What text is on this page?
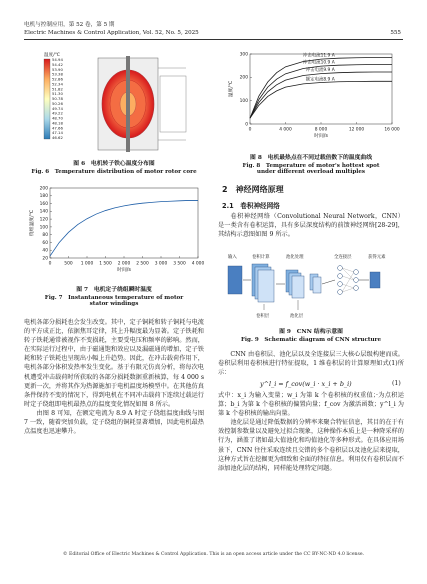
电机与控制应用，第 52 卷，第 5 期
Electric Machines & Control Application, Vol. 52, No. 5, 2025	555
温度/℃
54.94
54.42
53.90
53.38
52.86
52.34
51.82
51.30
50.78
50.26
49.74
49.22
48.70
48.18
47.66
47.14
46.62
图 6　电机转子铁心温度分布图
Fig. 6　Temperature distribution of motor rotor core
20
40
60
80
100
120
140
160
180
200
0	500 1 000 1 500 2 000 2 500 3 000 3 500 4 000
时间/s
绕组温度/℃
图 7　电机定子绕组瞬时温度
Fig. 7　Instantaneous temperature of motor
stator windings

电机各部分损耗也会发生改变。其中，定子铜耗和转子铜耗与电流的平方成正比，依据焦耳定律，其上升幅度最为显著。定子铁耗和转子铁耗通常被视作不变损耗，主要受电压和频率的影响。然而，在实际运行过程中，由于磁通饱和效应以及漏磁通的增加，定子铁耗和转子铁耗也呈现出小幅上升趋势。因此，在冲击载荷作用下，电机各部分体积发热率发生变化。基于有限元仿真分析，将每次电机遭受冲击载荷时所获取的各部分损耗数据重新核算，每 4 000 s 更新一次，并将其作为热源施加于电机温度场模型中。在其他仿真条件保持不变的情况下，得到电机在不同冲击载荷下连续过载运行时定子绕组即电机最热点的温度变化情况如图 8 所示。

由图 8 可知，在额定电流为 8.9 A 时定子绕组温度曲线与图 7 一致，随着突加负载，定子绕组的铜耗显著增加，因此电机最热点温度也迅速攀升。

0
100
200
300
0	4 000	8 000	12 000	16 000
时间/s
温度/℃
冲击电流11.9 A
冲击电流10.9 A
冲击电流9.9 A
额定电流8.9 A
图 8　电机最热点在不同过载倍数下的温度曲线
Fig. 8　Temperature of motor's hottest spot
under different overload multiples
2　神经网络原理
2.1　卷积神经网络

卷积神经网络（Convolutional Neural Network，CNN）是一类含有卷积运算，具有多层深度结构的前馈神经网络[28-29]，其结构示意图如图 9 所示。

输入	卷积计算	池化处理	全连接层	获得元素
卷积层	池化层
图 9　CNN 结构示意图
Fig. 9　Schematic diagram of CNN structure

CNN 由卷积层、池化层以及全连接层三大核心层级构建而成。卷积层利用卷积核进行特征提取，1 维卷积层的计算原理如式(1)所示：

y^l_i = f_cov(w_i · x_i + b_i)	(1)

式中：x_i 为输入变量；w_i 为第 k 个卷积核的权重值；·为点积运算；b_i 为第 k 个卷积核的偏置向量；f_cov 为激活函数；y^l_i 为第 k 个卷积核的输出向量。

池化层是通过降低数据的分辨率来聚合特征信息，其目的在于有效控制参数量以及避免过拟合现象，这种操作本质上是一种降采样的行为，涵盖了诸如最大值池化和均值池化等多种形式。在具体应用场景下，CNN 往往采取连续且交错的多个卷积层以及池化层来提取，这种方式旨在挖掘更为细致和全面的特征信息。利用仅有卷积层而不添加池化层的结构，同样能处理特定问题。

© Editorial Office of Electric Machines & Control Application. This is an open access article under the CC BY-NC-ND 4.0 license.
